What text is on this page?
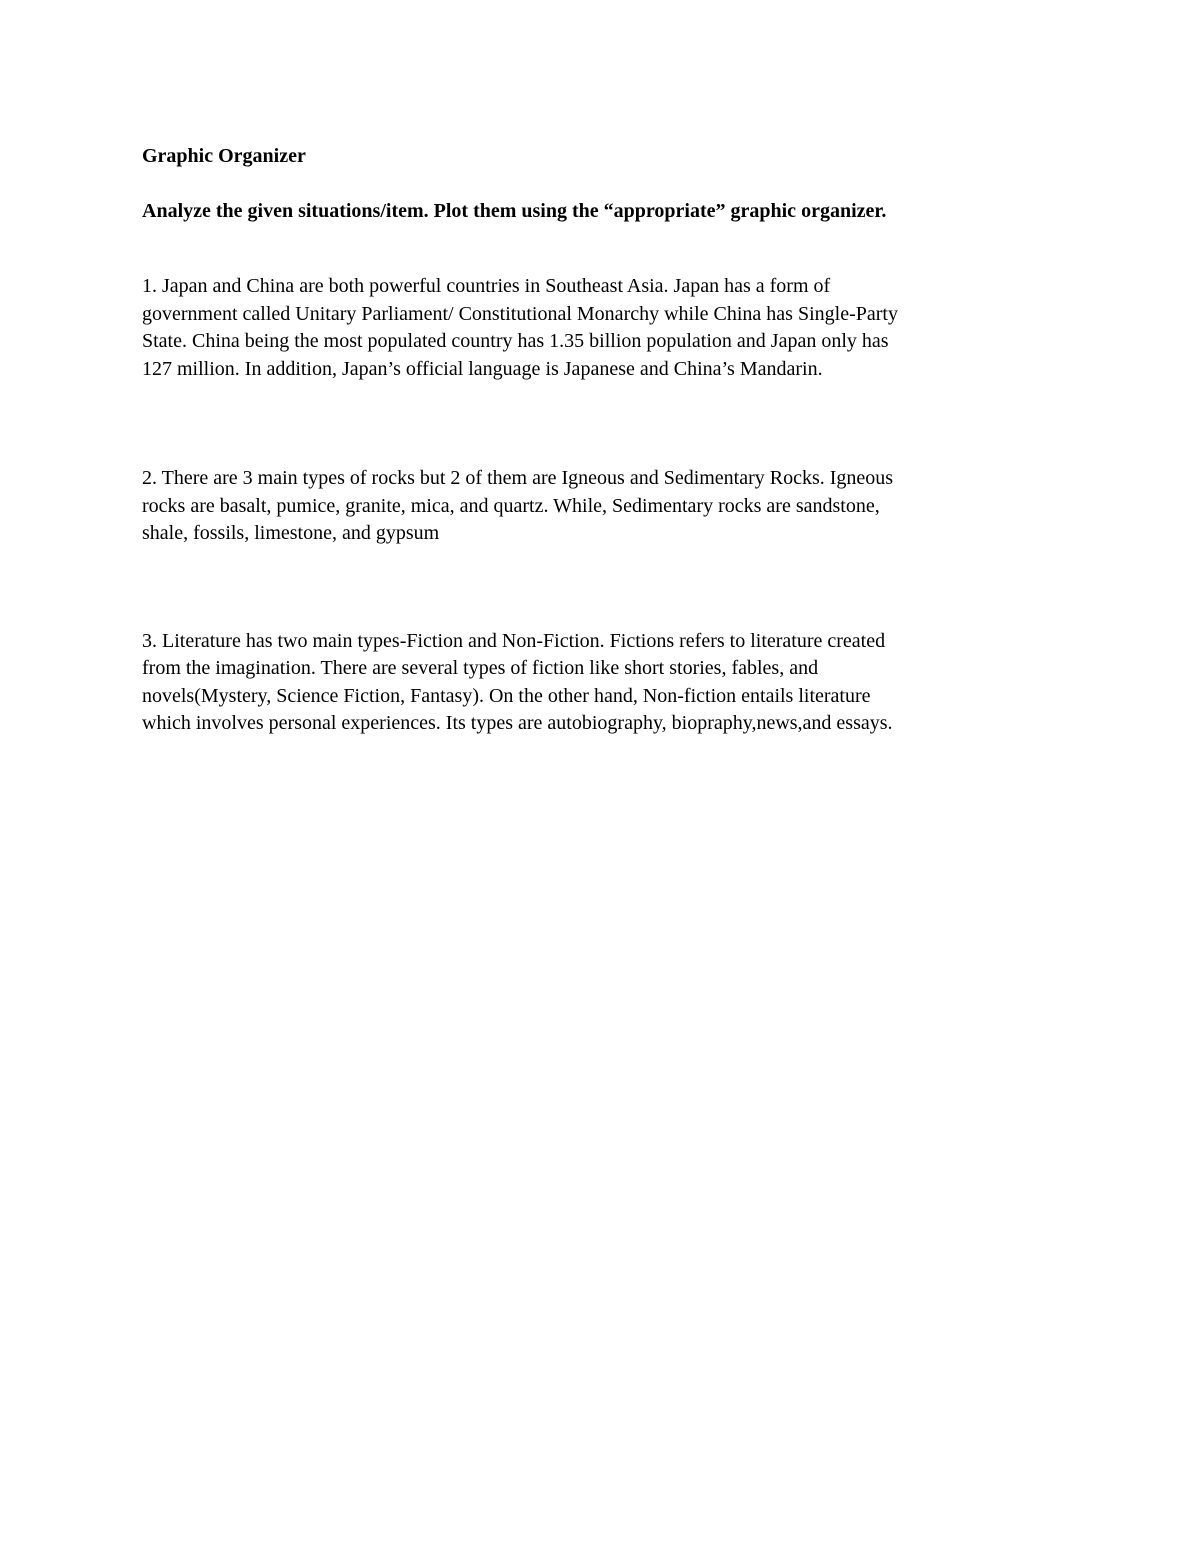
Graphic Organizer

Analyze the given situations/item. Plot them using the “appropriate” graphic organizer.

1. Japan and China are both powerful countries in Southeast Asia. Japan has a form of
government called Unitary Parliament/ Constitutional Monarchy while China has Single-Party
State. China being the most populated country has 1.35 billion population and Japan only has
127 million. In addition, Japan’s official language is Japanese and China’s Mandarin.

2. There are 3 main types of rocks but 2 of them are Igneous and Sedimentary Rocks. Igneous
rocks are basalt, pumice, granite, mica, and quartz. While, Sedimentary rocks are sandstone,
shale, fossils, limestone, and gypsum

3. Literature has two main types-Fiction and Non-Fiction. Fictions refers to literature created
from the imagination. There are several types of fiction like short stories, fables, and
novels(Mystery, Science Fiction, Fantasy). On the other hand, Non-fiction entails literature
which involves personal experiences. Its types are autobiography, biopraphy,news,and essays.
